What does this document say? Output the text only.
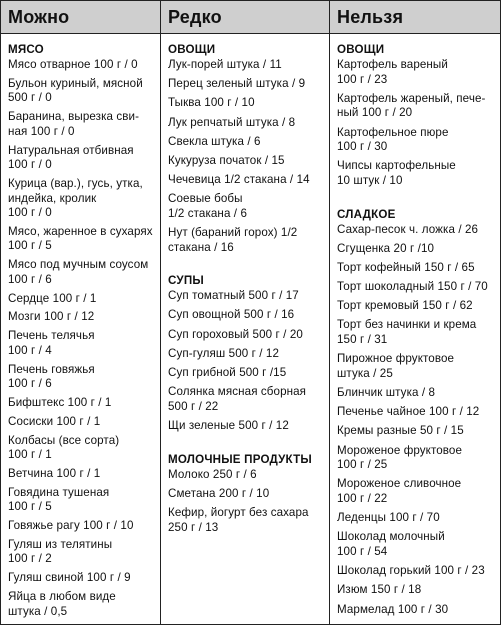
Можно	Редко	Нельзя
МЯСО
Мясо отварное 100 г / 0
Бульон куриный, мясной
500 г / 0
Баранина, вырезка сви-
ная 100 г / 0
Натуральная отбивная
100 г / 0
Курица (вар.), гусь, утка,
индейка, кролик
100 г / 0
Мясо, жаренное в сухарях
100 г / 5
Мясо под мучным соусом
100 г / 6
Сердце 100 г / 1
Мозги 100 г / 12
Печень телячья
100 г / 4
Печень говяжья
100 г / 6
Бифштекс 100 г / 1
Сосиски 100 г / 1
Колбасы (все сорта)
100 г / 1
Ветчина 100 г / 1
Говядина тушеная
100 г / 5
Говяжье рагу 100 г / 10
Гуляш из телятины
100 г / 2
Гуляш свиной 100 г / 9
Яйца в любом виде
штука / 0,5
ОВОЩИ
Лук-порей штука / 11
Перец зеленый штука / 9
Тыква 100 г / 10
Лук репчатый штука / 8
Свекла штука / 6
Кукуруза початок / 15
Чечевица 1/2 стакана / 14
Соевые бобы
1/2 стакана / 6
Нут (бараний горох) 1/2
стакана / 16
СУПЫ
Суп томатный 500 г / 17
Суп овощной 500 г / 16
Суп гороховый 500 г / 20
Суп-гуляш 500 г / 12
Суп грибной 500 г /15
Солянка мясная сборная
500 г / 22
Щи зеленые 500 г / 12
МОЛОЧНЫЕ ПРОДУКТЫ
Молоко 250 г / 6
Сметана 200 г / 10
Кефир, йогурт без сахара
250 г / 13
ОВОЩИ
Картофель вареный
100 г / 23
Картофель жареный, пече-
ный 100 г / 20
Картофельное пюре
100 г / 30
Чипсы картофельные
10 штук / 10
СЛАДКОЕ
Сахар-песок ч. ложка / 26
Сгущенка 20 г /10
Торт кофейный 150 г / 65
Торт шоколадный 150 г / 70
Торт кремовый 150 г / 62
Торт без начинки и крема
150 г / 31
Пирожное фруктовое
штука / 25
Блинчик штука / 8
Печенье чайное 100 г / 12
Кремы разные 50 г / 15
Мороженое фруктовое
100 г / 25
Мороженое сливочное
100 г / 22
Леденцы 100 г / 70
Шоколад молочный
100 г / 54
Шоколад горький 100 г / 23
Изюм 150 г / 18
Мармелад 100 г / 30
